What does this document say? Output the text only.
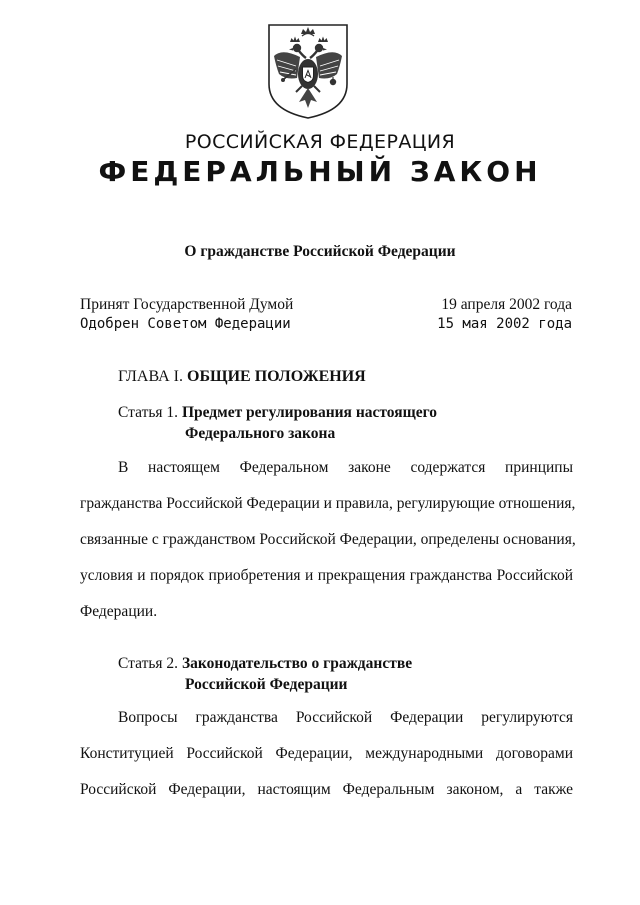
РОССИЙСКАЯ ФЕДЕРАЦИЯ
ФЕДЕРАЛЬНЫЙ ЗАКОН
О гражданстве Российской Федерации
Принят Государственной Думой	19 апреля 2002 года
Одобрен Советом Федерации	15 мая 2002 года
ГЛАВА I. ОБЩИЕ ПОЛОЖЕНИЯ
Статья 1. Предмет регулирования настоящего
Федерального закона
В настоящем Федеральном законе содержатся принципы
гражданства Российской Федерации и правила, регулирующие отношения,
связанные с гражданством Российской Федерации, определены основания,
условия и порядок приобретения и прекращения гражданства Российской
Федерации.
Статья 2. Законодательство о гражданстве
Российской Федерации
Вопросы гражданства Российской Федерации регулируются
Конституцией Российской Федерации, международными договорами
Российской Федерации, настоящим Федеральным законом, а также
